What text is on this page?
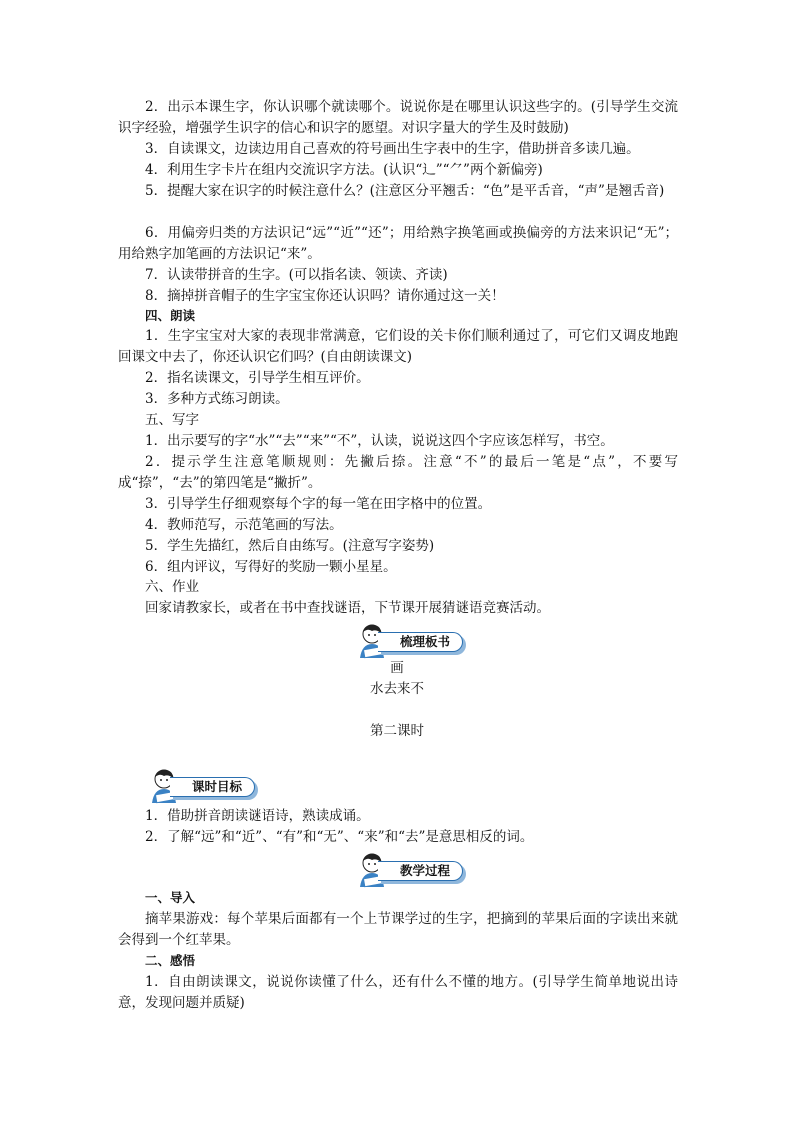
2．出示本课生字，你认识哪个就读哪个。说说你是在哪里认识这些字的。(引导学生交流识字经验，增强学生识字的信心和识字的愿望。对识字量大的学生及时鼓励)
3．自读课文，边读边用自己喜欢的符号画出生字表中的生字，借助拼音多读几遍。
4．利用生字卡片在组内交流识字方法。(认识“辶”“⺈”两个新偏旁)
5．提醒大家在识字的时候注意什么？(注意区分平翘舌：“色”是平舌音，“声”是翘舌音)
6．用偏旁归类的方法识记“远”“近”“还”；用给熟字换笔画或换偏旁的方法来识记“无”；用给熟字加笔画的方法识记“来”。
7．认读带拼音的生字。(可以指名读、领读、齐读)
8．摘掉拼音帽子的生字宝宝你还认识吗？请你通过这一关！
四、朗读
1．生字宝宝对大家的表现非常满意，它们设的关卡你们顺利通过了，可它们又调皮地跑回课文中去了，你还认识它们吗？(自由朗读课文)
2．指名读课文，引导学生相互评价。
3．多种方式练习朗读。
五、写字
1．出示要写的字“水”“去”“来”“不”，认读，说说这四个字应该怎样写，书空。
2．提示学生注意笔顺规则：先撇后捺。注意“不”的最后一笔是“点”，不要写成“捺”，“去”的第四笔是“撇折”。
3．引导学生仔细观察每个字的每一笔在田字格中的位置。
4．教师范写，示范笔画的写法。
5．学生先描红，然后自由练写。(注意写字姿势)
6．组内评议，写得好的奖励一颗小星星。
六、作业
回家请教家长，或者在书中查找谜语，下节课开展猜谜语竞赛活动。
梳理板书
画
水去来不
第二课时
课时目标
1．借助拼音朗读谜语诗，熟读成诵。
2．了解“远”和“近”、“有”和“无”、“来”和“去”是意思相反的词。
教学过程
一、导入
摘苹果游戏：每个苹果后面都有一个上节课学过的生字，把摘到的苹果后面的字读出来就会得到一个红苹果。
二、感悟
1．自由朗读课文，说说你读懂了什么，还有什么不懂的地方。(引导学生简单地说出诗意，发现问题并质疑)
